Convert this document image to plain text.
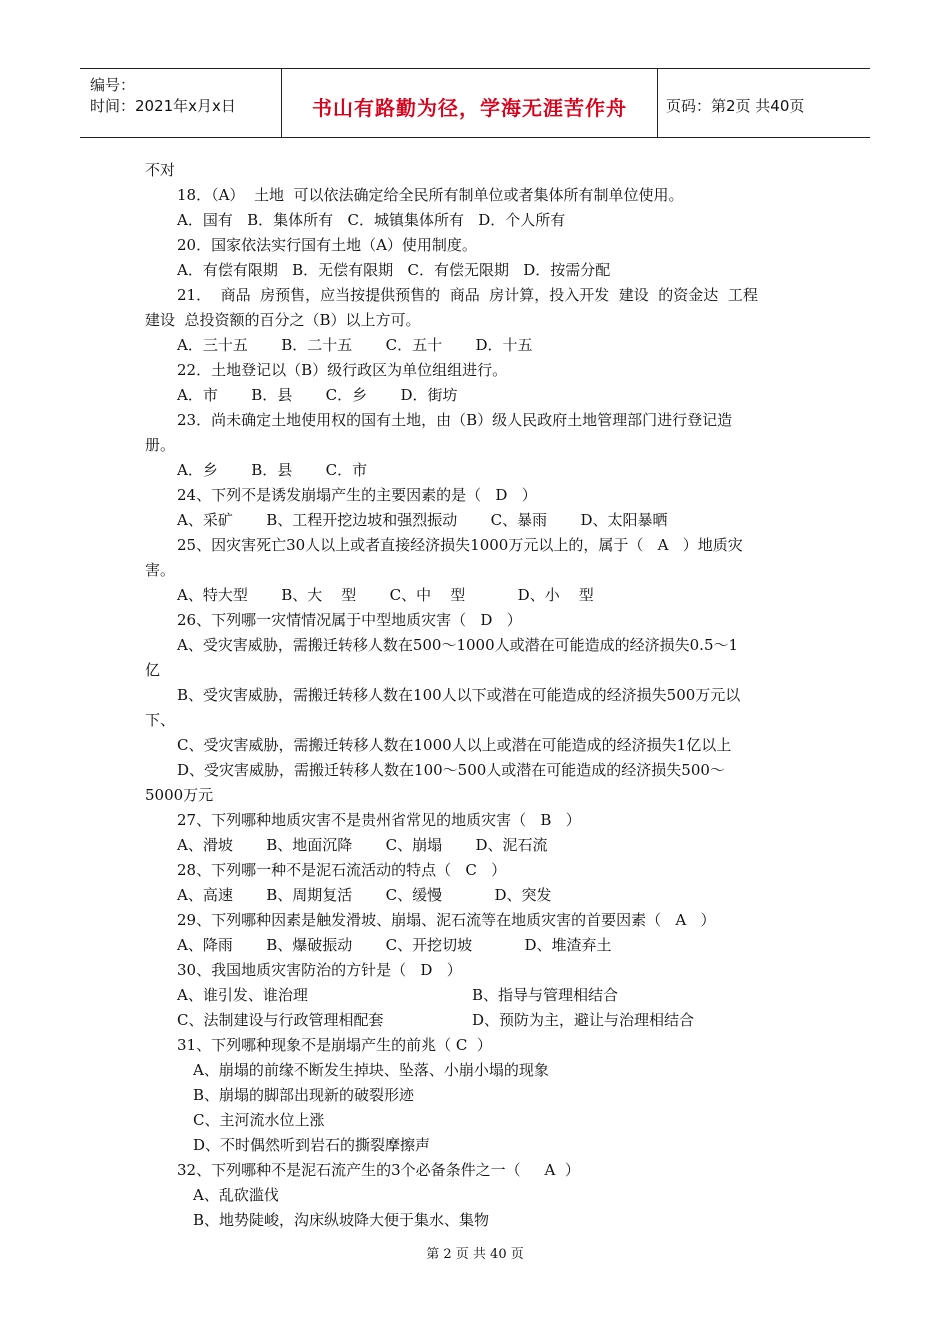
编号：
时间：2021年x月x日	书山有路勤为径，学海无涯苦作舟	页码：第2页 共40页
不对
18．（A）  土地  可以依法确定给全民所有制单位或者集体所有制单位使用。
A．国有   B．集体所有   C．城镇集体所有   D．个人所有
20．国家依法实行国有土地（A）使用制度。
A．有偿有限期   B．无偿有限期   C．有偿无限期   D．按需分配
21．  商品  房预售，应当按提供预售的  商品  房计算，投入开发  建设  的资金达  工程
建设  总投资额的百分之（B）以上方可。
A．三十五       B．二十五       C．五十       D．十五
22．土地登记以（B）级行政区为单位组组进行。
A．市       B．县       C．乡       D．街坊
23．尚未确定土地使用权的国有土地，由（B）级人民政府土地管理部门进行登记造
册。
A．乡       B．县       C．市
24、下列不是诱发崩塌产生的主要因素的是（   D   ）
A、采矿       B、工程开挖边坡和强烈振动       C、暴雨       D、太阳暴晒
25、因灾害死亡30人以上或者直接经济损失1000万元以上的，属于（   A   ）地质灾
害。
A、特大型       B、大    型       C、中    型           D、小    型
26、下列哪一灾情情况属于中型地质灾害（   D   ）
A、受灾害威胁，需搬迁转移人数在500～1000人或潜在可能造成的经济损失0.5～1
亿
B、受灾害威胁，需搬迁转移人数在100人以下或潜在可能造成的经济损失500万元以
下、
C、受灾害威胁，需搬迁转移人数在1000人以上或潜在可能造成的经济损失1亿以上
D、受灾害威胁，需搬迁转移人数在100～500人或潜在可能造成的经济损失500～
5000万元
27、下列哪种地质灾害不是贵州省常见的地质灾害（   B   ）
A、滑坡       B、地面沉降       C、崩塌       D、泥石流
28、下列哪一种不是泥石流活动的特点（   C   ）
A、高速       B、周期复活       C、缓慢           D、突发
29、下列哪种因素是触发滑坡、崩塌、泥石流等在地质灾害的首要因素（   A   ）
A、降雨       B、爆破振动       C、开挖切坡           D、堆渣弃土
30、我国地质灾害防治的方针是（   D   ）
A、谁引发、谁治理	B、指导与管理相结合
C、法制建设与行政管理相配套	D、预防为主，避让与治理相结合
31、下列哪种现象不是崩塌产生的前兆（ C  ）
A、崩塌的前缘不断发生掉块、坠落、小崩小塌的现象
B、崩塌的脚部出现新的破裂形迹
C、主河流水位上涨
D、不时偶然听到岩石的撕裂摩擦声
32、下列哪种不是泥石流产生的3个必备条件之一（     A  ）
A、乱砍滥伐
B、地势陡峻，沟床纵坡降大便于集水、集物
第 2 页 共 40 页
